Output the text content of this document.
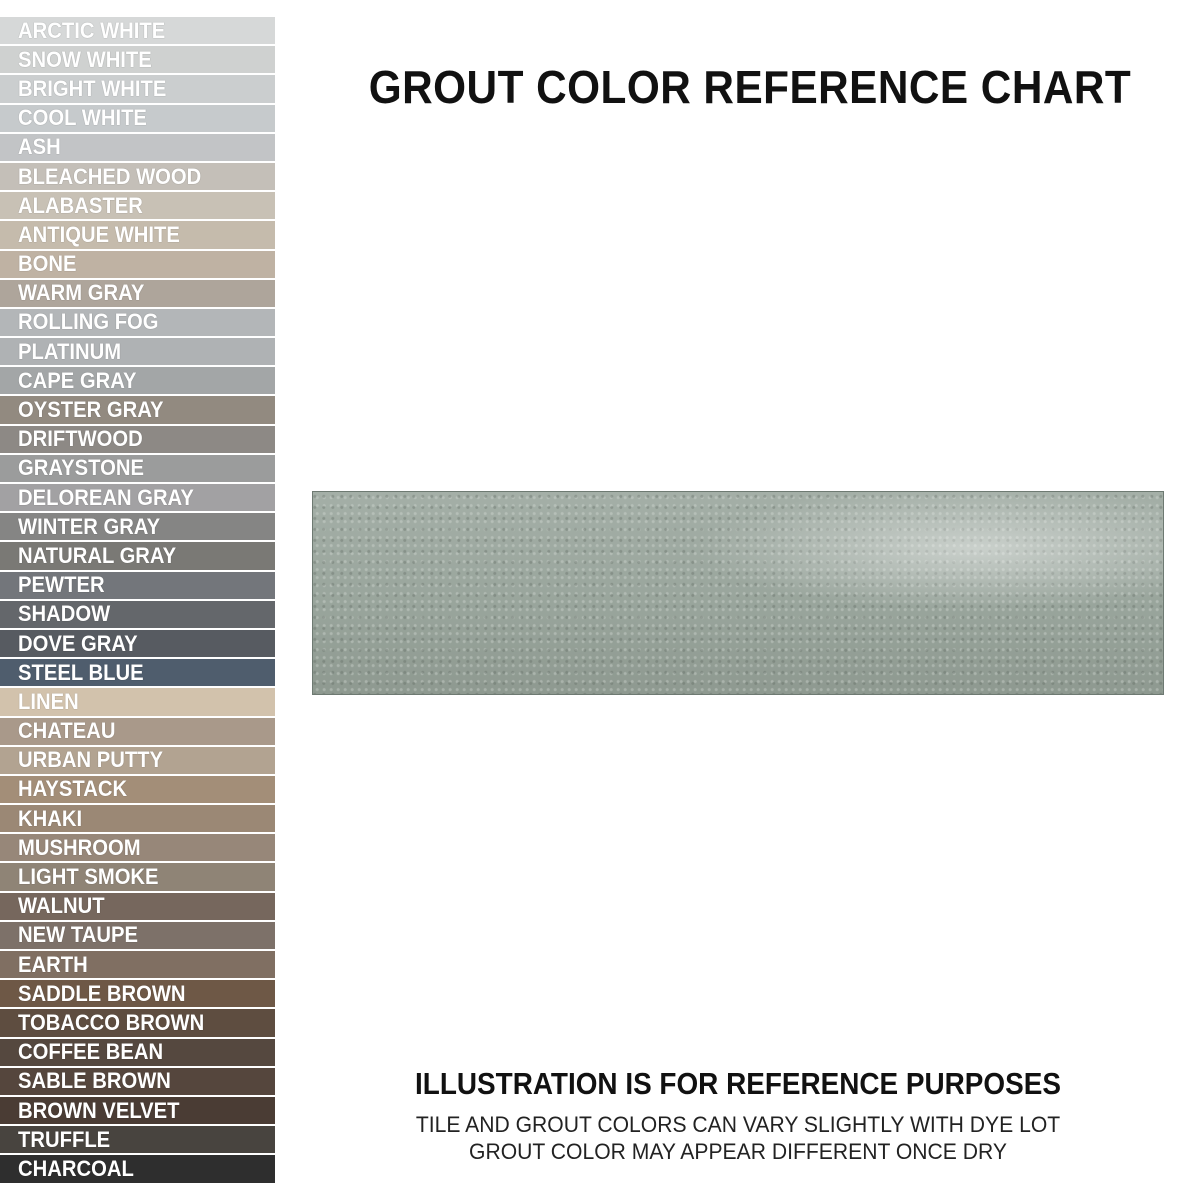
ARCTIC WHITE
SNOW WHITE
BRIGHT WHITE
COOL WHITE
ASH
BLEACHED WOOD
ALABASTER
ANTIQUE WHITE
BONE
WARM GRAY
ROLLING FOG
PLATINUM
CAPE GRAY
OYSTER GRAY
DRIFTWOOD
GRAYSTONE
DELOREAN GRAY
WINTER GRAY
NATURAL GRAY
PEWTER
SHADOW
DOVE GRAY
STEEL BLUE
LINEN
CHATEAU
URBAN PUTTY
HAYSTACK
KHAKI
MUSHROOM
LIGHT SMOKE
WALNUT
NEW TAUPE
EARTH
SADDLE BROWN
TOBACCO BROWN
COFFEE BEAN
SABLE BROWN
BROWN VELVET
TRUFFLE
CHARCOAL
GROUT COLOR REFERENCE CHART
ILLUSTRATION IS FOR REFERENCE PURPOSES

TILE AND GROUT COLORS CAN VARY SLIGHTLY WITH DYE LOT

GROUT COLOR MAY APPEAR DIFFERENT ONCE DRY
